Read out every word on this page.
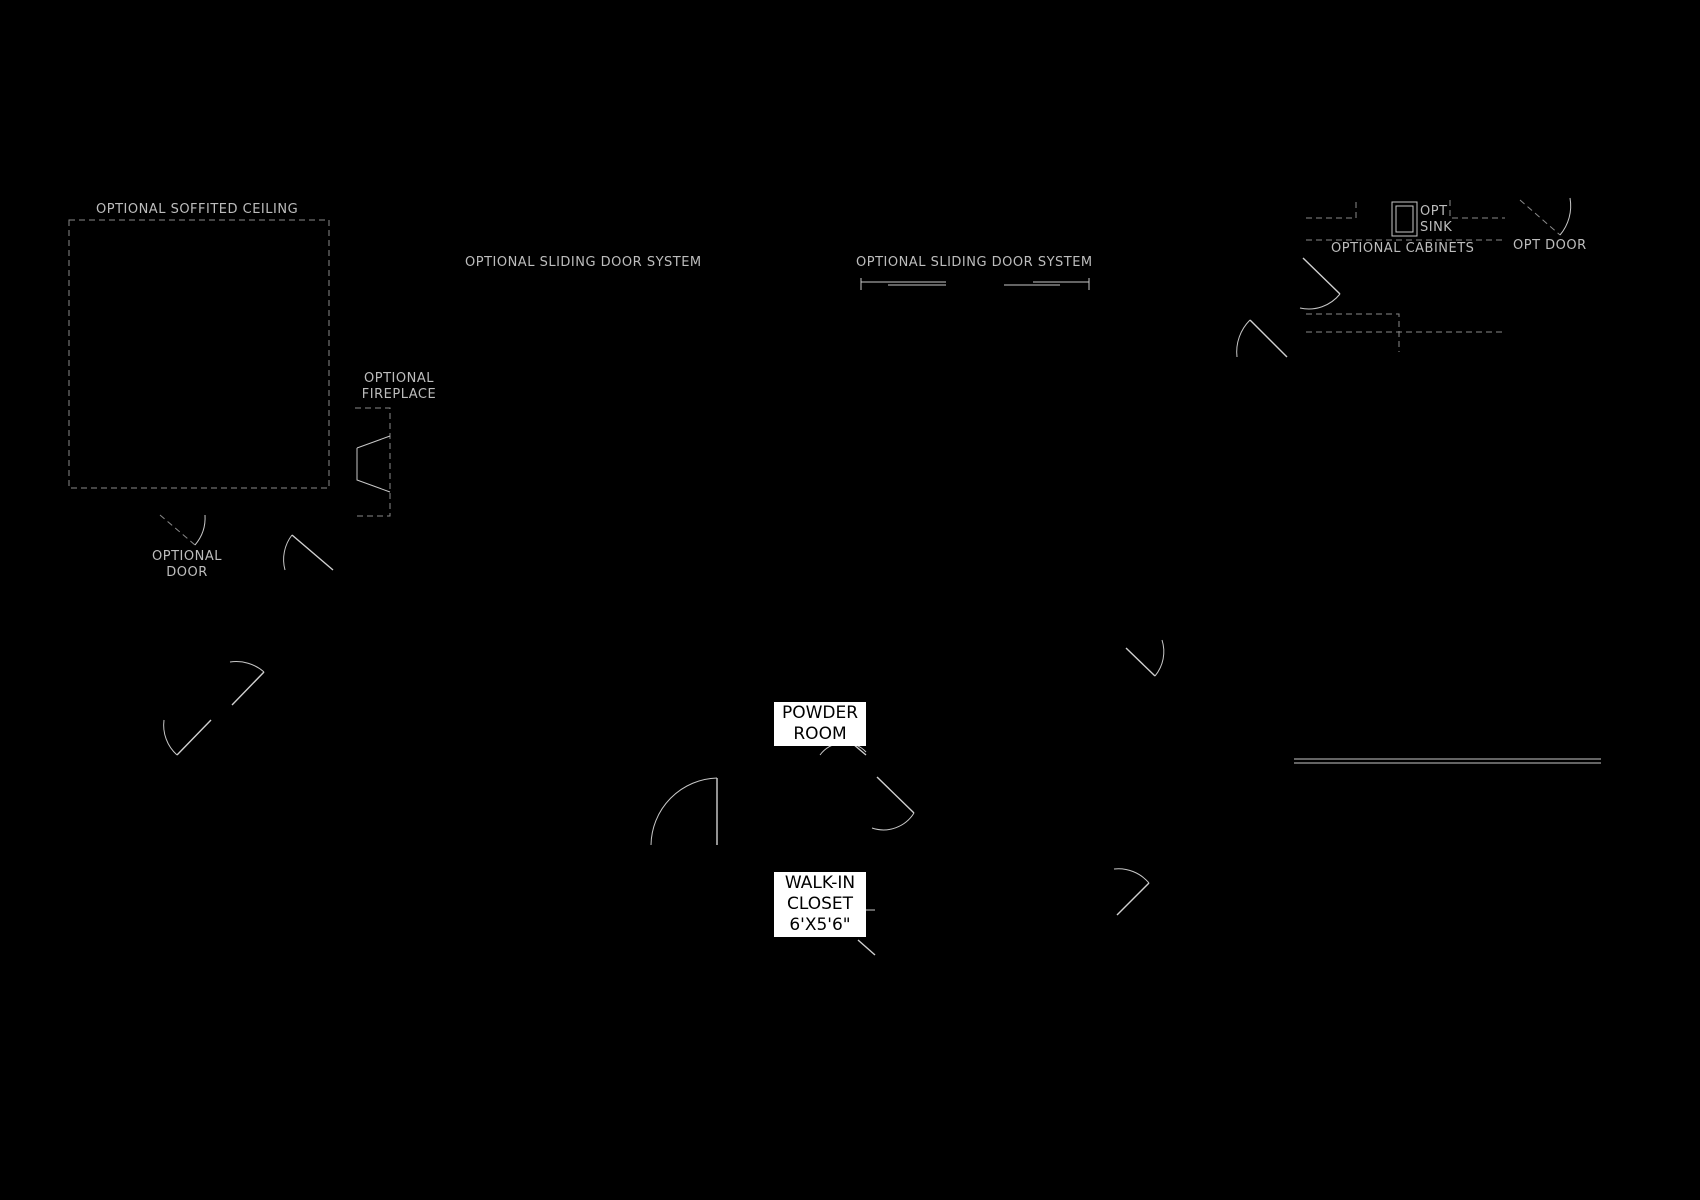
OPTIONAL SOFFITED CEILING
OPTIONAL SLIDING DOOR SYSTEM	OPTIONAL SLIDING DOOR SYSTEM
OPTIONAL
FIREPLACE
OPTIONAL
DOOR
OPT
SINK
OPTIONAL CABINETS	OPT DOOR
POWDER
ROOM
WALK-IN
CLOSET
6'X5'6"
